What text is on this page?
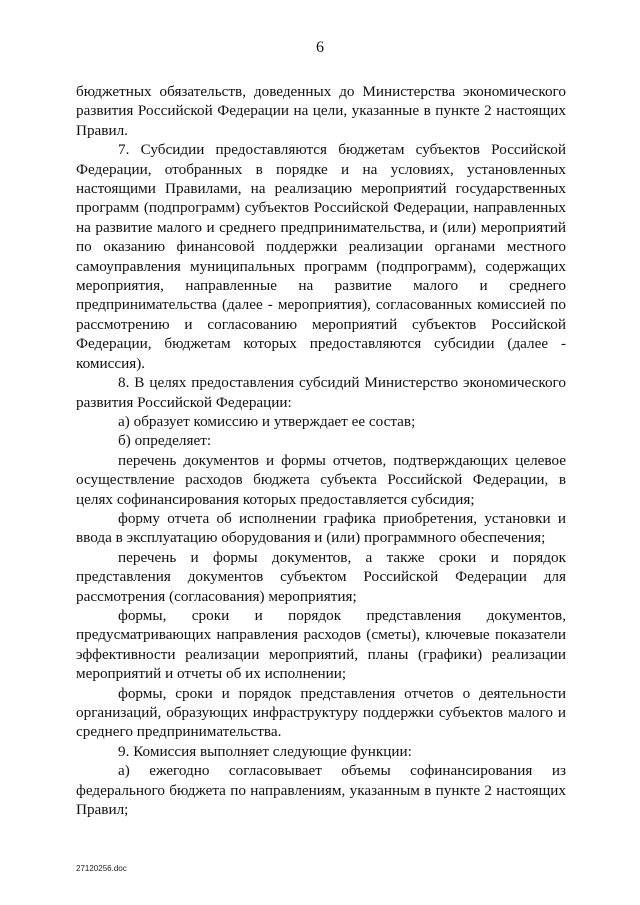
6

бюджетных обязательств, доведенных до Министерства экономического развития Российской Федерации на цели, указанные в пункте 2 настоящих Правил.

7. Субсидии предоставляются бюджетам субъектов Российской Федерации, отобранных в порядке и на условиях, установленных настоящими Правилами, на реализацию мероприятий государственных программ (подпрограмм) субъектов Российской Федерации, направленных на развитие малого и среднего предпринимательства, и (или) мероприятий по оказанию финансовой поддержки реализации органами местного самоуправления муниципальных программ (подпрограмм), содержащих мероприятия, направленные на развитие малого и среднего предпринимательства (далее - мероприятия), согласованных комиссией по рассмотрению и согласованию мероприятий субъектов Российской Федерации, бюджетам которых предоставляются субсидии (далее - комиссия).

8. В целях предоставления субсидий Министерство экономического развития Российской Федерации:

а) образует комиссию и утверждает ее состав;

б) определяет:

перечень документов и формы отчетов, подтверждающих целевое осуществление расходов бюджета субъекта Российской Федерации, в целях софинансирования которых предоставляется субсидия;

форму отчета об исполнении графика приобретения, установки и ввода в эксплуатацию оборудования и (или) программного обеспечения;

перечень и формы документов, а также сроки и порядок представления документов субъектом Российской Федерации для рассмотрения (согласования) мероприятия;

формы, сроки и порядок представления документов, предусматривающих направления расходов (сметы), ключевые показатели эффективности реализации мероприятий, планы (графики) реализации мероприятий и отчеты об их исполнении;

формы, сроки и порядок представления отчетов о деятельности организаций, образующих инфраструктуру поддержки субъектов малого и среднего предпринимательства.

9. Комиссия выполняет следующие функции:

а) ежегодно согласовывает объемы софинансирования из федерального бюджета по направлениям, указанным в пункте 2 настоящих Правил;

27120256.doc
